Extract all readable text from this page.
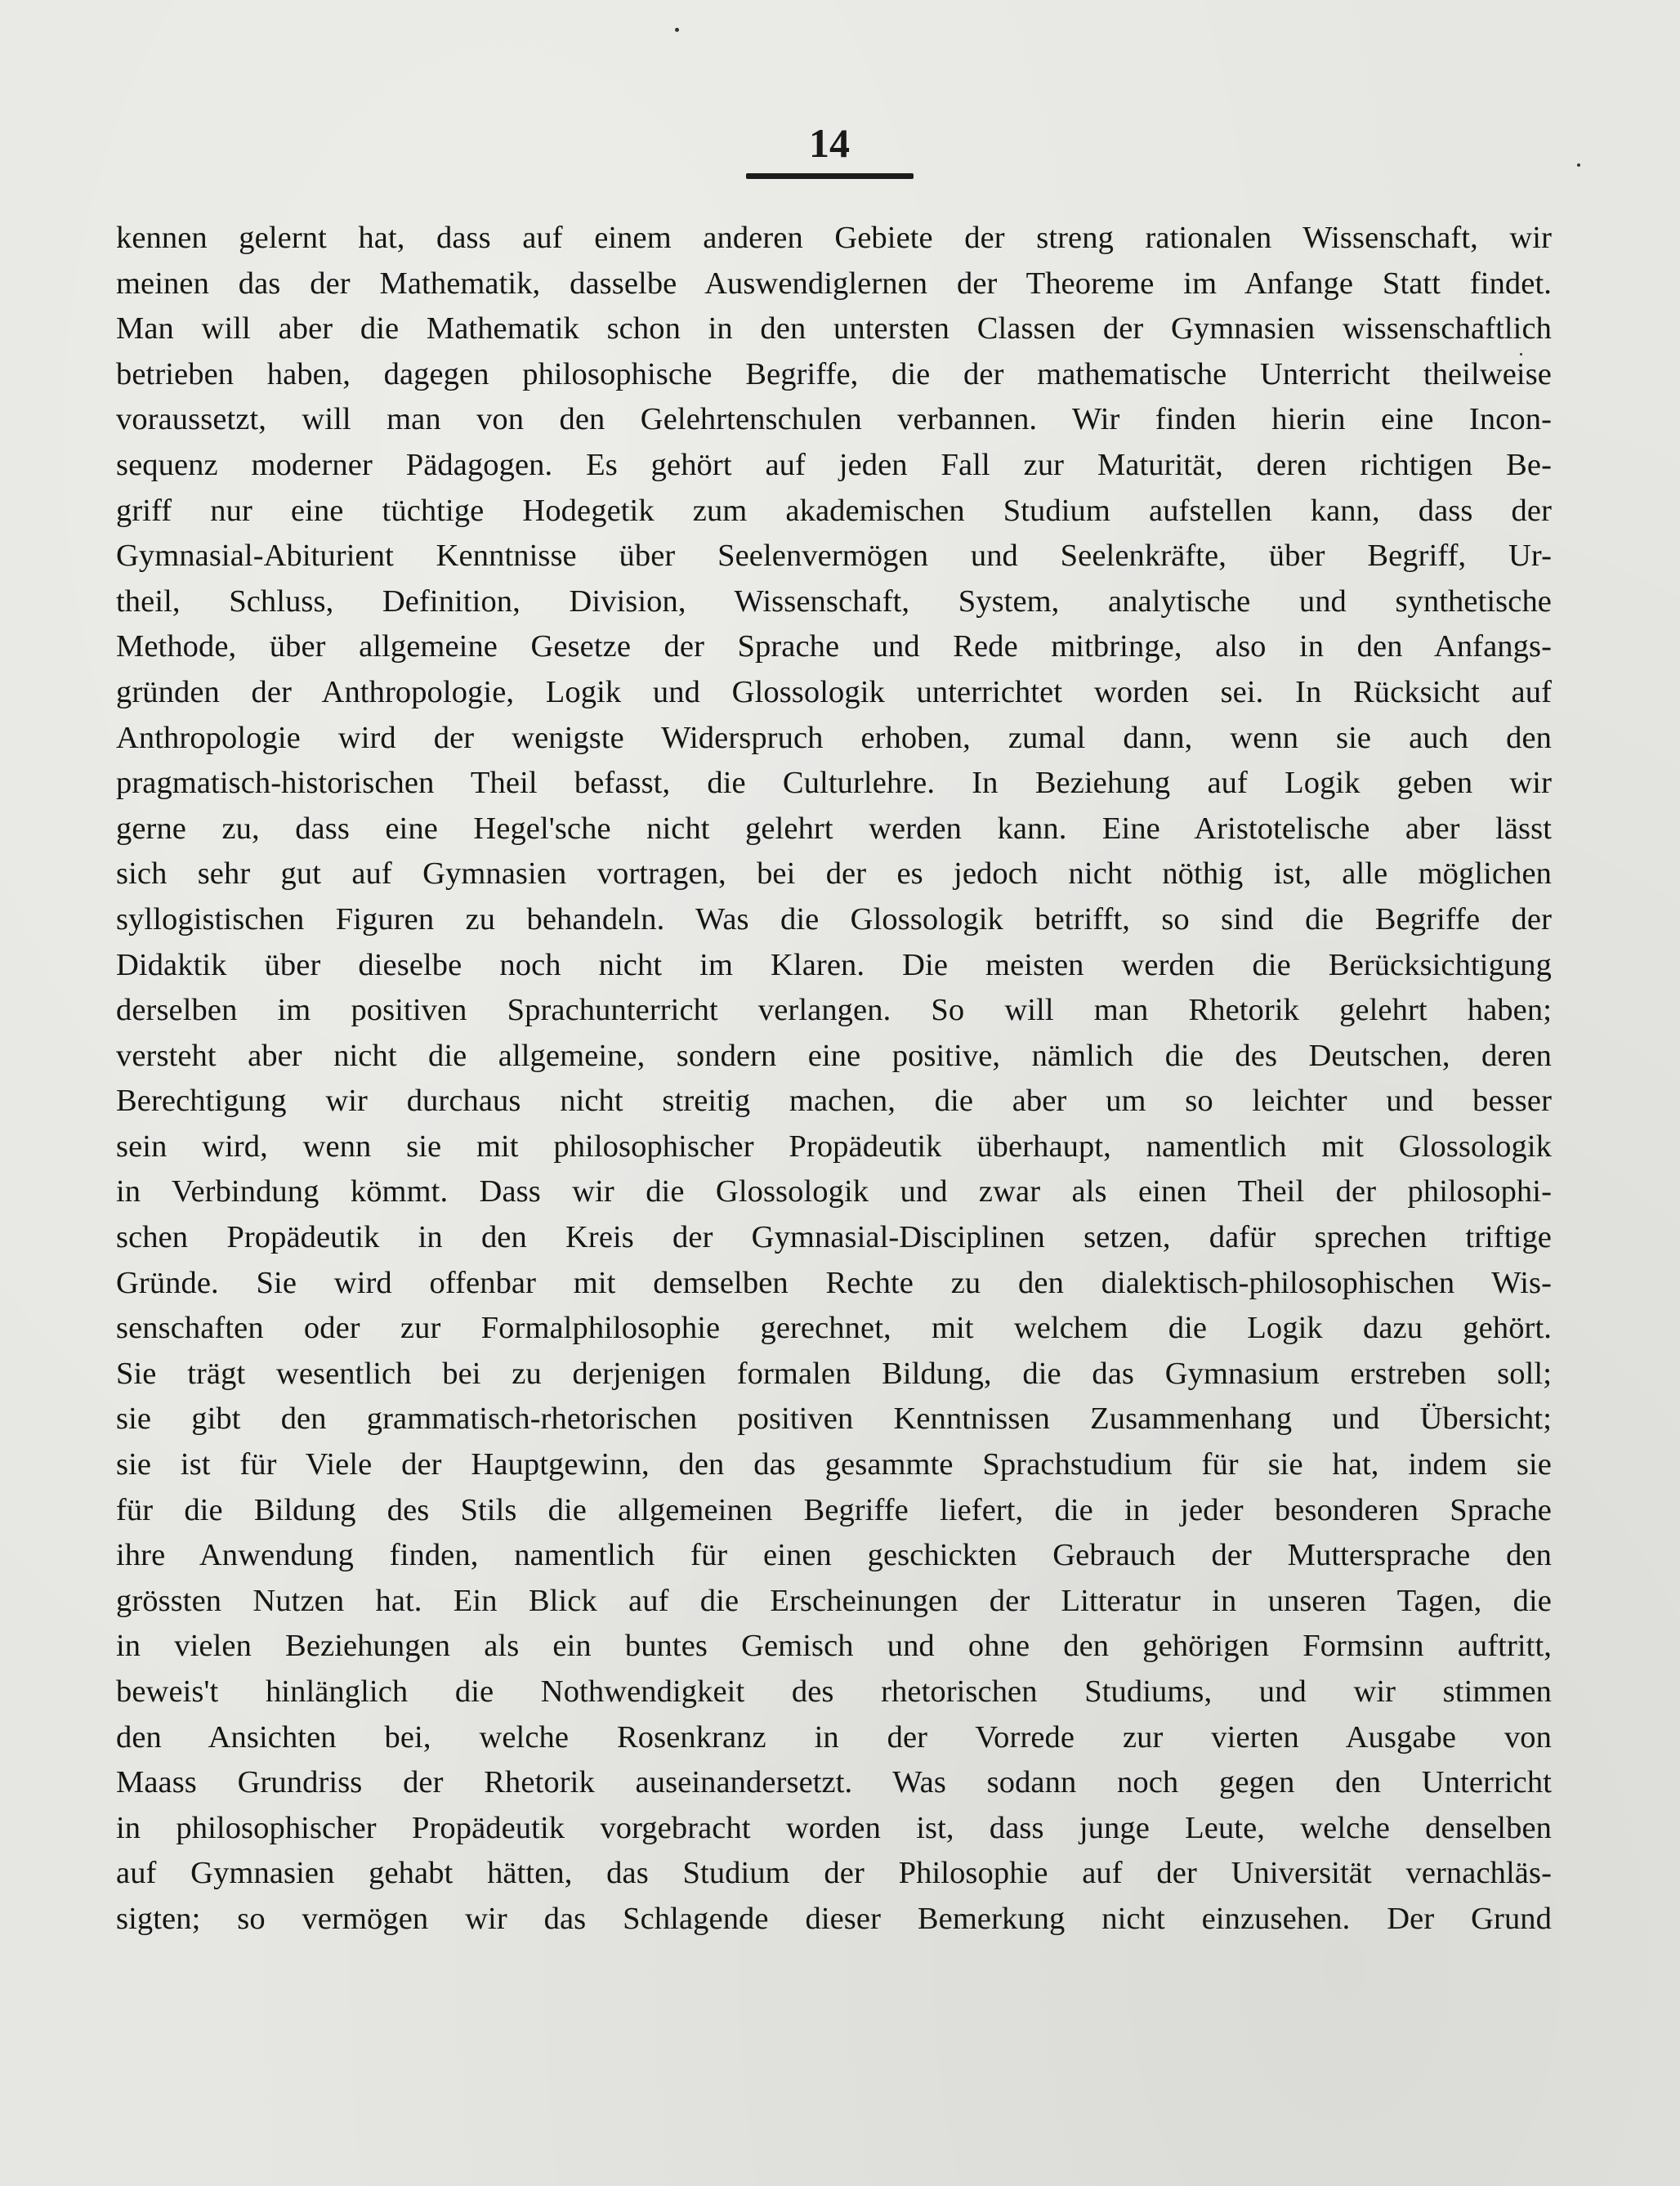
14
kennen gelernt hat, dass auf einem anderen Gebiete der streng rationalen Wissenschaft, wir
meinen das der Mathematik, dasselbe Auswendiglernen der Theoreme im Anfange Statt findet.
Man will aber die Mathematik schon in den untersten Classen der Gymnasien wissenschaftlich
betrieben haben, dagegen philosophische Begriffe, die der mathematische Unterricht theilweise
voraussetzt, will man von den Gelehrtenschulen verbannen. Wir finden hierin eine Incon-
sequenz moderner Pädagogen. Es gehört auf jeden Fall zur Maturität, deren richtigen Be-
griff nur eine tüchtige Hodegetik zum akademischen Studium aufstellen kann, dass der
Gymnasial-Abiturient Kenntnisse über Seelenvermögen und Seelenkräfte, über Begriff, Ur-
theil, Schluss, Definition, Division, Wissenschaft, System, analytische und synthetische
Methode, über allgemeine Gesetze der Sprache und Rede mitbringe, also in den Anfangs-
gründen der Anthropologie, Logik und Glossologik unterrichtet worden sei. In Rücksicht auf
Anthropologie wird der wenigste Widerspruch erhoben, zumal dann, wenn sie auch den
pragmatisch-historischen Theil befasst, die Culturlehre. In Beziehung auf Logik geben wir
gerne zu, dass eine Hegel'sche nicht gelehrt werden kann. Eine Aristotelische aber lässt
sich sehr gut auf Gymnasien vortragen, bei der es jedoch nicht nöthig ist, alle möglichen
syllogistischen Figuren zu behandeln. Was die Glossologik betrifft, so sind die Begriffe der
Didaktik über dieselbe noch nicht im Klaren. Die meisten werden die Berücksichtigung
derselben im positiven Sprachunterricht verlangen. So will man Rhetorik gelehrt haben;
versteht aber nicht die allgemeine, sondern eine positive, nämlich die des Deutschen, deren
Berechtigung wir durchaus nicht streitig machen, die aber um so leichter und besser
sein wird, wenn sie mit philosophischer Propädeutik überhaupt, namentlich mit Glossologik
in Verbindung kömmt. Dass wir die Glossologik und zwar als einen Theil der philosophi-
schen Propädeutik in den Kreis der Gymnasial-Disciplinen setzen, dafür sprechen triftige
Gründe. Sie wird offenbar mit demselben Rechte zu den dialektisch-philosophischen Wis-
senschaften oder zur Formalphilosophie gerechnet, mit welchem die Logik dazu gehört.
Sie trägt wesentlich bei zu derjenigen formalen Bildung, die das Gymnasium erstreben soll;
sie gibt den grammatisch-rhetorischen positiven Kenntnissen Zusammenhang und Übersicht;
sie ist für Viele der Hauptgewinn, den das gesammte Sprachstudium für sie hat, indem sie
für die Bildung des Stils die allgemeinen Begriffe liefert, die in jeder besonderen Sprache
ihre Anwendung finden, namentlich für einen geschickten Gebrauch der Muttersprache den
grössten Nutzen hat. Ein Blick auf die Erscheinungen der Litteratur in unseren Tagen, die
in vielen Beziehungen als ein buntes Gemisch und ohne den gehörigen Formsinn auftritt,
beweis't hinlänglich die Nothwendigkeit des rhetorischen Studiums, und wir stimmen
den Ansichten bei, welche Rosenkranz in der Vorrede zur vierten Ausgabe von
Maass Grundriss der Rhetorik auseinandersetzt. Was sodann noch gegen den Unterricht
in philosophischer Propädeutik vorgebracht worden ist, dass junge Leute, welche denselben
auf Gymnasien gehabt hätten, das Studium der Philosophie auf der Universität vernachläs-
sigten; so vermögen wir das Schlagende dieser Bemerkung nicht einzusehen. Der Grund
